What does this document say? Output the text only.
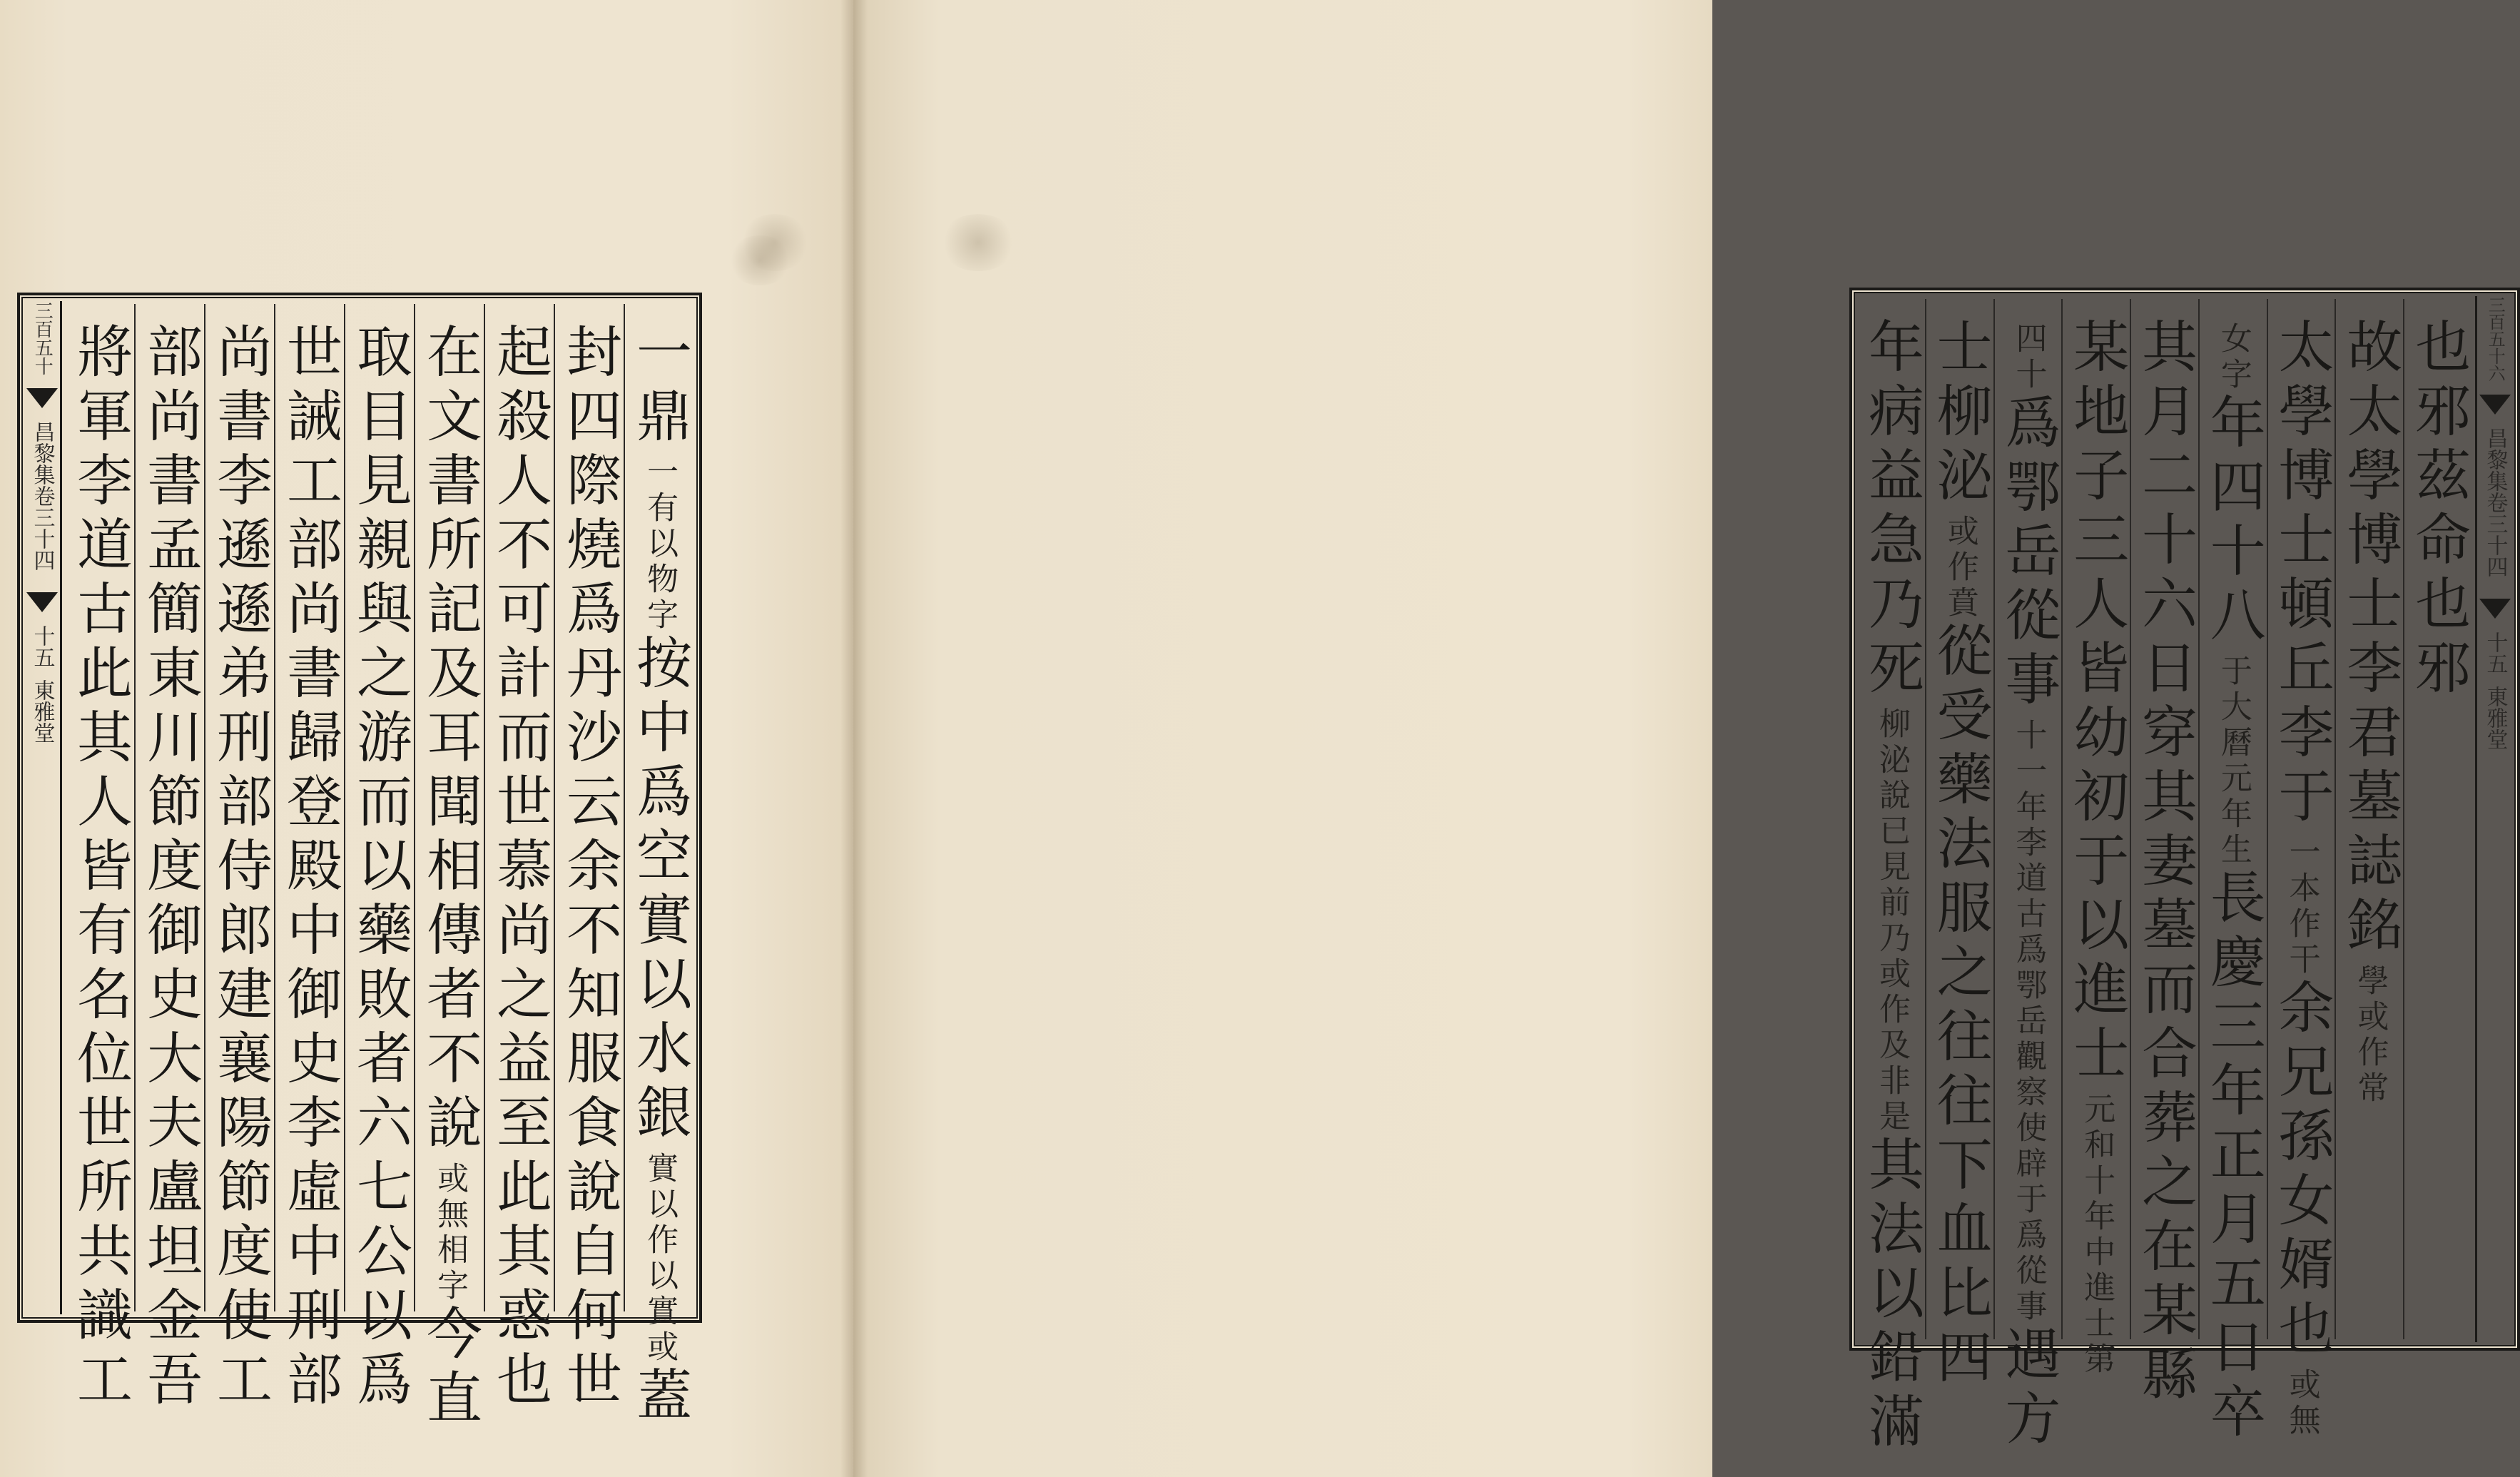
三百五十
昌黎集卷三十四
十五
東雅堂
一鼎
一有以物字
按中爲空實以水銀
實以作以實或
蓋
封四際燒爲丹沙云余不知服食說自何世
起殺人不可計而世慕尚之益至此其惑也
在文書所記及耳聞相傳者不說
或無相字
今直
取目見親與之游而以藥敗者六七公以爲
世誡工部尚書歸登殿中御史李虛中刑部
尚書李遜遜弟刑部侍郎建襄陽節度使工
部尚書孟簡東川節度御史大夫盧坦金吾
將軍李道古此其人皆有名位世所共識工	三百五十六
昌黎集卷三十四
十五
東雅堂
也邪茲命也邪
故太學博士李君墓誌銘
學或作常
太學博士頓丘李于
一本作干
余兄孫女婿也
或無
女字
年四十八
于大曆元年生
長慶三年正月五日卒
其月二十六日穿其妻墓而合葬之在某縣
某地子三人皆幼初于以進士
元和十年中進士第
四十
爲鄂岳從事
十一年李道古爲鄂岳觀察使辟于爲從事
遇方
士柳泌
或作賁
從受藥法服之往往下血比四
年病益急乃死
柳泌說已見前乃或作及非是
其法以鉛滿
